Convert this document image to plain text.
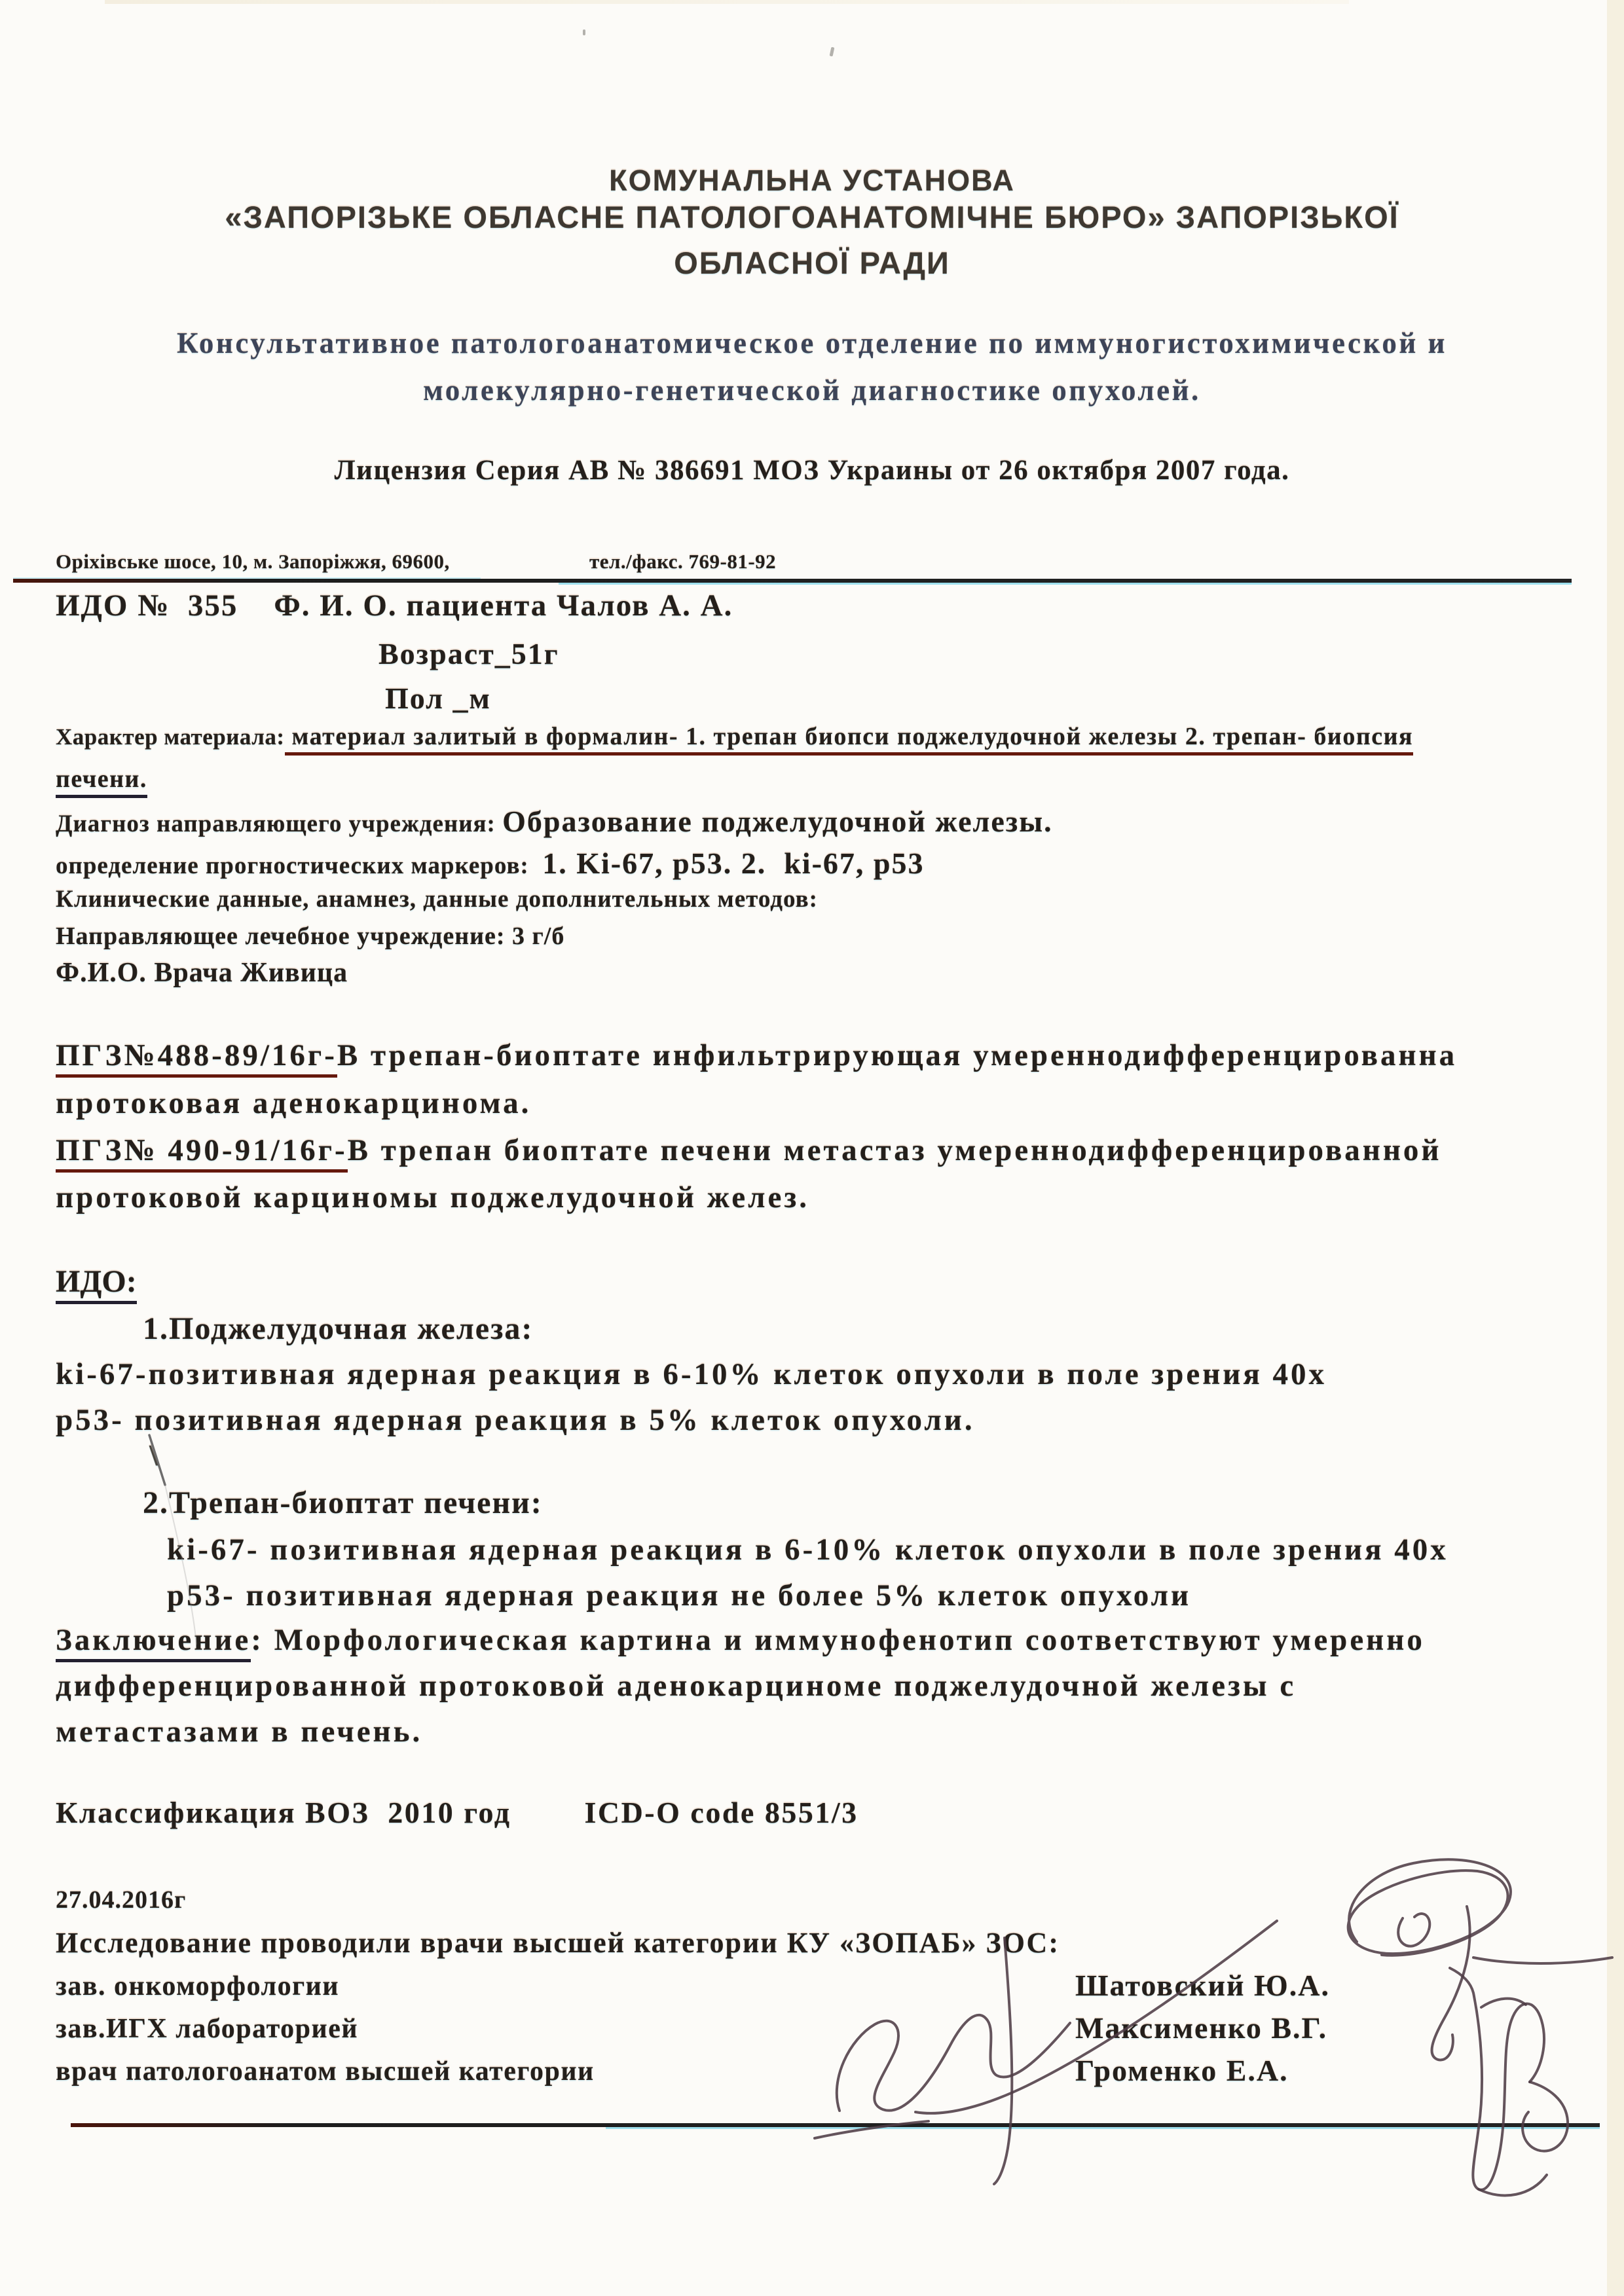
КОМУНАЛЬНА УСТАНОВА
«ЗАПОРІЗЬКЕ ОБЛАСНЕ ПАТОЛОГОАНАТОМІЧНЕ БЮРО» ЗАПОРІЗЬКОЇ
ОБЛАСНОЇ РАДИ
Консультативное патологоанатомическое отделение по иммуногистохимической и
молекулярно-генетической диагностике опухолей.
Лицензия Серия АВ № 386691 МОЗ Украины от 26 октября 2007 года.
Оріхівське шосе, 10, м. Запоріжжя, 69600,	тел./факс. 769-81-92
ИДО №  355    Ф. И. О. пациента Чалов А. А.
Возраст_51г
Пол _м
Характер материала: материал залитый в формалин- 1. трепан биопси поджелудочной железы 2. трепан- биопсия
печени.
Диагноз направляющего учреждения: Образование поджелудочной железы.
определение прогностических маркеров:  1. Ki-67, p53. 2.  ki-67, p53
Клинические данные, анамнез, данные дополнительных методов:
Направляющее лечебное учреждение: 3 г/б
Ф.И.О. Врача Живица
ПГЗ№488-89/16г-В трепан-биоптате инфильтрирующая умереннодифференцированна
протоковая аденокарцинома.
ПГЗ№ 490-91/16г-В трепан биоптате печени метастаз умереннодифференцированной
протоковой карциномы поджелудочной желез.
ИДО:
1.Поджелудочная железа:
ki-67-позитивная ядерная реакция в 6-10% клеток опухоли в поле зрения 40х
p53- позитивная ядерная реакция в 5% клеток опухоли.
\
2.Трепан-биоптат печени:
ki-67- позитивная ядерная реакция в 6-10% клеток опухоли в поле зрения 40х
p53- позитивная ядерная реакция не более 5% клеток опухоли
Заключение: Морфологическая картина и иммунофенотип соответствуют умеренно
дифференцированной протоковой аденокарциноме поджелудочной железы с
метастазами в печень.
Классификация ВОЗ  2010 год        ICD-O code 8551/3
27.04.2016г
Исследование проводили врачи высшей категории КУ «ЗОПАБ» ЗОС:
зав. онкоморфологии	Шатовский Ю.А.
зав.ИГХ лабораторией	Максименко В.Г.
врач патологоанатом высшей категории	Громенко Е.А.
